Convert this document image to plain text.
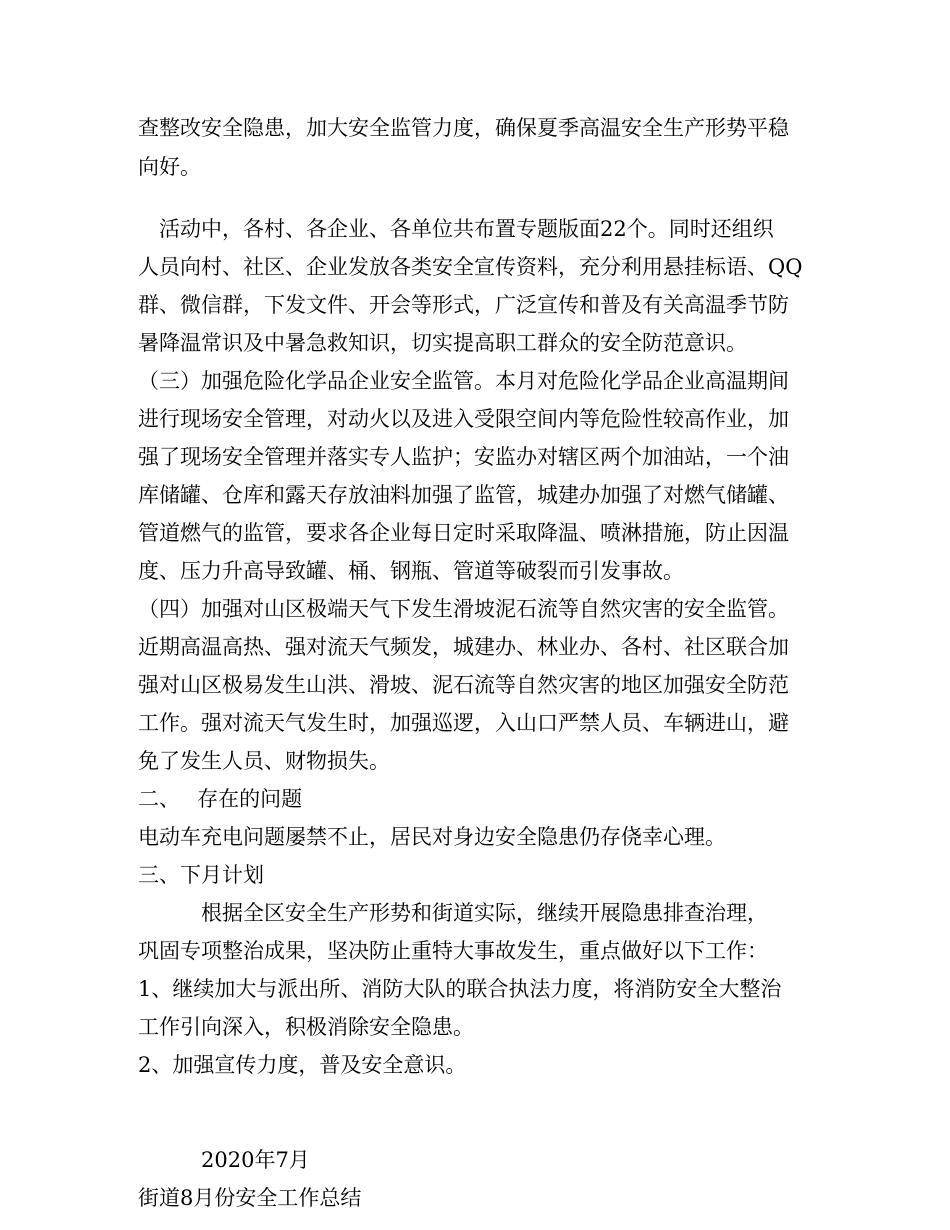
查整改安全隐患，加大安全监管力度，确保夏季高温安全生产形势平稳
向好。
　活动中，各村、各企业、各单位共布置专题版面22个。同时还组织
人员向村、社区、企业发放各类安全宣传资料，充分利用悬挂标语、QQ
群、微信群，下发文件、开会等形式，广泛宣传和普及有关高温季节防
暑降温常识及中暑急救知识，切实提高职工群众的安全防范意识。
（三）加强危险化学品企业安全监管。本月对危险化学品企业高温期间
进行现场安全管理，对动火以及进入受限空间内等危险性较高作业，加
强了现场安全管理并落实专人监护；安监办对辖区两个加油站，一个油
库储罐、仓库和露天存放油料加强了监管，城建办加强了对燃气储罐、
管道燃气的监管，要求各企业每日定时采取降温、喷淋措施，防止因温
度、压力升高导致罐、桶、钢瓶、管道等破裂而引发事故。
（四）加强对山区极端天气下发生滑坡泥石流等自然灾害的安全监管。
近期高温高热、强对流天气频发，城建办、林业办、各村、社区联合加
强对山区极易发生山洪、滑坡、泥石流等自然灾害的地区加强安全防范
工作。强对流天气发生时，加强巡逻，入山口严禁人员、车辆进山，避
免了发生人员、财物损失。
二、　 存在的问题
电动车充电问题屡禁不止，居民对身边安全隐患仍存侥幸心理。
三、下月计划
　　　根据全区安全生产形势和街道实际，继续开展隐患排查治理，
巩固专项整治成果，坚决防止重特大事故发生，重点做好以下工作：
1、继续加大与派出所、消防大队的联合执法力度，将消防安全大整治
工作引向深入，积极消除安全隐患。
2、加强宣传力度，普及安全意识。
　　　2020年7月
街道8月份安全工作总结
